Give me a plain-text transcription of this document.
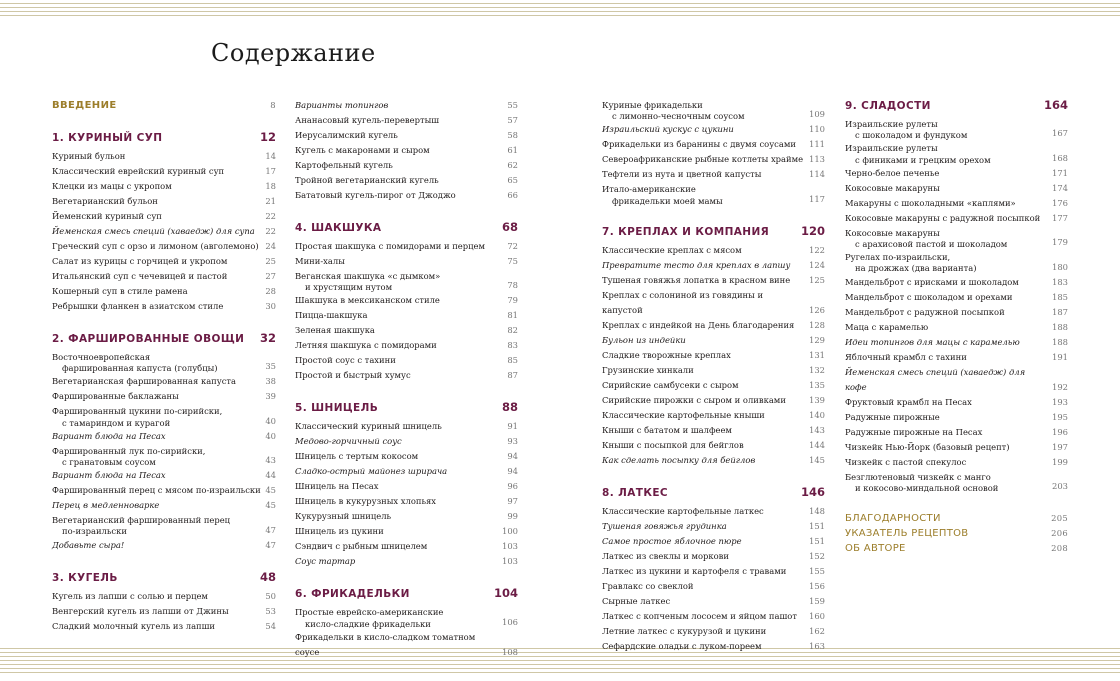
Содержание
ВВЕДЕНИЕ	8
1. КУРИНЫЙ СУП	12
Куриный бульон	14
Классический еврейский куриный суп	17
Клецки из мацы с укропом	18
Вегетарианский бульон	21
Йеменский куриный суп	22
Йеменская смесь специй (хаваедж) для супа	22
Греческий суп с орзо и лимоном (авголемоно) 24
Салат из курицы с горчицей и укропом	25
Итальянский суп с чечевицей и пастой	27
Кошерный суп в стиле рамена	28
Ребрышки фланкен в азиатском стиле	30
2. ФАРШИРОВАННЫЕ ОВОЩИ 32
Восточноевропейская
фаршированная капуста (голубцы)	35
Вегетарианская фаршированная капуста	38
Фаршированные баклажаны	39
Фаршированный цукини по-сирийски,
с тамариндом и курагой	40
Вариант блюда на Песах	40
Фаршированный лук по-сирийски,
с гранатовым соусом	43
Вариант блюда на Песах	44
Фаршированный перец с мясом по-израильски 45
Перец в медленноварке	45
Вегетарианский фаршированный перец
по-израильски	47
Добавьте сыра!	47
3. КУГЕЛЬ	48
Кугель из лапши с солью и перцем	50
Венгерский кугель из лапши от Джины	53
Сладкий молочный кугель из лапши	54
Варианты топингов	55
Ананасовый кугель-перевертыш	57
Иерусалимский кугель	58
Кугель с макаронами и сыром	61
Картофельный кугель	62
Тройной вегетарианский кугель	65
Бататовый кугель-пирог от Джоджо	66
4. ШАКШУКА	68
Простая шакшука с помидорами и перцем	72
Мини-халы	75
Веганская шакшука «с дымком»
и хрустящим нутом	78
Шакшука в мексиканском стиле	79
Пицца-шакшука	81
Зеленая шакшука	82
Летняя шакшука с помидорами	83
Простой соус с тахини	85
Простой и быстрый хумус	87
5. ШНИЦЕЛЬ	88
Классический куриный шницель	91
Медово-горчичный соус	93
Шницель с тертым кокосом	94
Сладко-острый майонез шрирача	94
Шницель на Песах	96
Шницель в кукурузных хлопьях	97
Кукурузный шницель	99
Шницель из цукини	100
Сэндвич с рыбным шницелем	103
Соус тартар	103
6. ФРИКАДЕЛЬКИ	104
Простые еврейско-американские
кисло-сладкие фрикадельки	106
Фрикадельки в кисло-сладком томатном соусе	108
Куриные фрикадельки
с лимонно-чесночным соусом	109
Израильский кускус с цукини	110
Фрикадельки из баранины с двумя соусами	111
Североафриканские рыбные котлеты храйме 113
Тефтели из нута и цветной капусты	114
Итало-американские
фрикадельки моей мамы	117
7. КРЕПЛАХ И КОМПАНИЯ	120
Классические креплах с мясом	122
Превратите тесто для креплах в лапшу	124
Тушеная говяжья лопатка в красном вине	125
Креплах с солониной из говядины и капустой	126
Креплах с индейкой на День благодарения	128
Бульон из индейки	129
Сладкие творожные креплах	131
Грузинские хинкали	132
Сирийские самбусеки с сыром	135
Сирийские пирожки с сыром и оливками	139
Классические картофельные кныши	140
Кныши с бататом и шалфеем	143
Кныши с посыпкой для бейглов	144
Как сделать посыпку для бейглов	145
8. ЛАТКЕС	146
Классические картофельные латкес	148
Тушеная говяжья грудинка	151
Самое простое яблочное пюре	151
Латкес из свеклы и моркови	152
Латкес из цукини и картофеля с травами	155
Гравлакс со свеклой	156
Сырные латкес	159
Латкес с копченым лососем и яйцом пашот	160
Летние латкес с кукурузой и цукини	162
Сефардские оладьи с луком-пореем	163
9. СЛАДОСТИ	164
Израильские рулеты
с шоколадом и фундуком	167
Израильские рулеты
с финиками и грецким орехом	168
Черно-белое печенье	171
Кокосовые макаруны	174
Макаруны с шоколадными «каплями»	176
Кокосовые макаруны с радужной посыпкой	177
Кокосовые макаруны
с арахисовой пастой и шоколадом	179
Ругелах по-израильски,
на дрожжах (два варианта)	180
Мандельброт с ирисками и шоколадом	183
Мандельброт с шоколадом и орехами	185
Мандельброт с радужной посыпкой	187
Маца с карамелью	188
Идеи топингов для мацы с карамелью	188
Яблочный крамбл с тахини	191
Йеменская смесь специй (хаваедж) для кофе	192
Фруктовый крамбл на Песах	193
Радужные пирожные	195
Радужные пирожные на Песах	196
Чизкейк Нью-Йорк (базовый рецепт)	197
Чизкейк с пастой спекулос	199
Безглютеновый чизкейк с манго
и кокосово-миндальной основой	203
БЛАГОДАРНОСТИ	205
УКАЗАТЕЛЬ РЕЦЕПТОВ	206
ОБ АВТОРЕ	208
